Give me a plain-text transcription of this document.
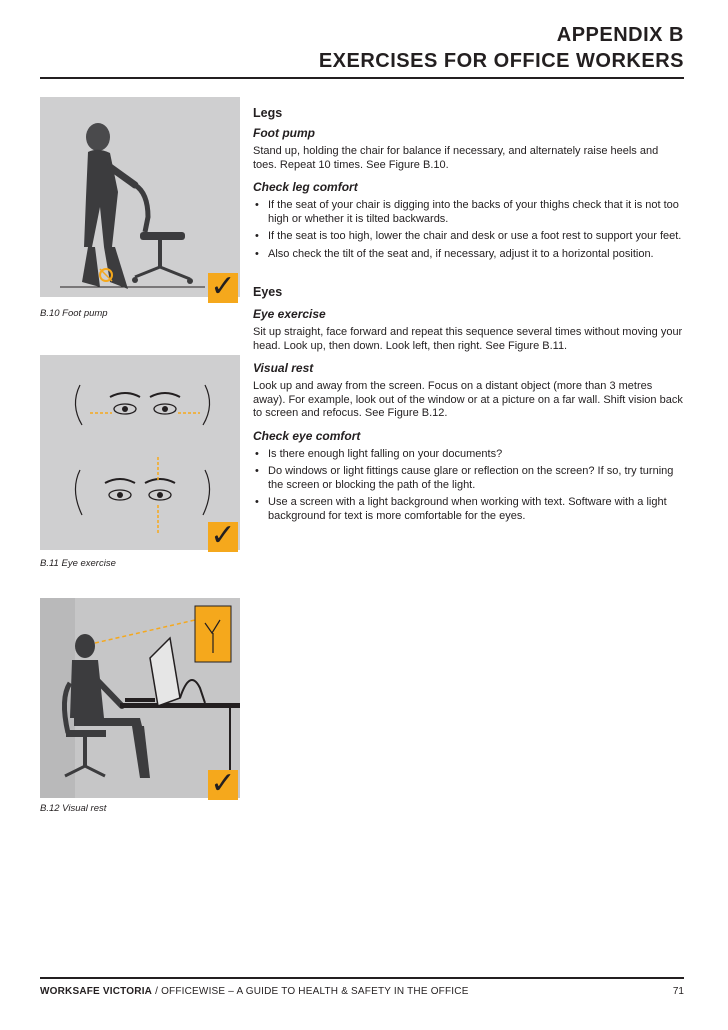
APPENDIX B
EXERCISES FOR OFFICE WORKERS
✓
B.10 Foot pump
✓
B.11 Eye exercise
✓
B.12 Visual rest

Legs

Foot pump

Stand up, holding the chair for balance if necessary, and alternately raise heels and toes. Repeat 10 times. See Figure B.10.

Check leg comfort

• If the seat of your chair is digging into the backs of your thighs check that it is not too high or whether it is tilted backwards.

• If the seat is too high, lower the chair and desk or use a foot rest to support your feet.

• Also check the tilt of the seat and, if necessary, adjust it to a horizontal position.

Eyes

Eye exercise

Sit up straight, face forward and repeat this sequence several times without moving your head. Look up, then down. Look left, then right. See Figure B.11.

Visual rest

Look up and away from the screen. Focus on a distant object (more than 3 metres away). For example, look out of the window or at a picture on a far wall. Shift vision back to screen and refocus. See Figure B.12.

Check eye comfort

• Is there enough light falling on your documents?

• Do windows or light fittings cause glare or reflection on the screen? If so, try turning the screen or blocking the path of the light.

• Use a screen with a light background when working with text. Software with a light background for text is more comfortable for the eyes.

WORKSAFE VICTORIA / OFFICEWISE – A GUIDE TO HEALTH & SAFETY IN THE OFFICE	71
